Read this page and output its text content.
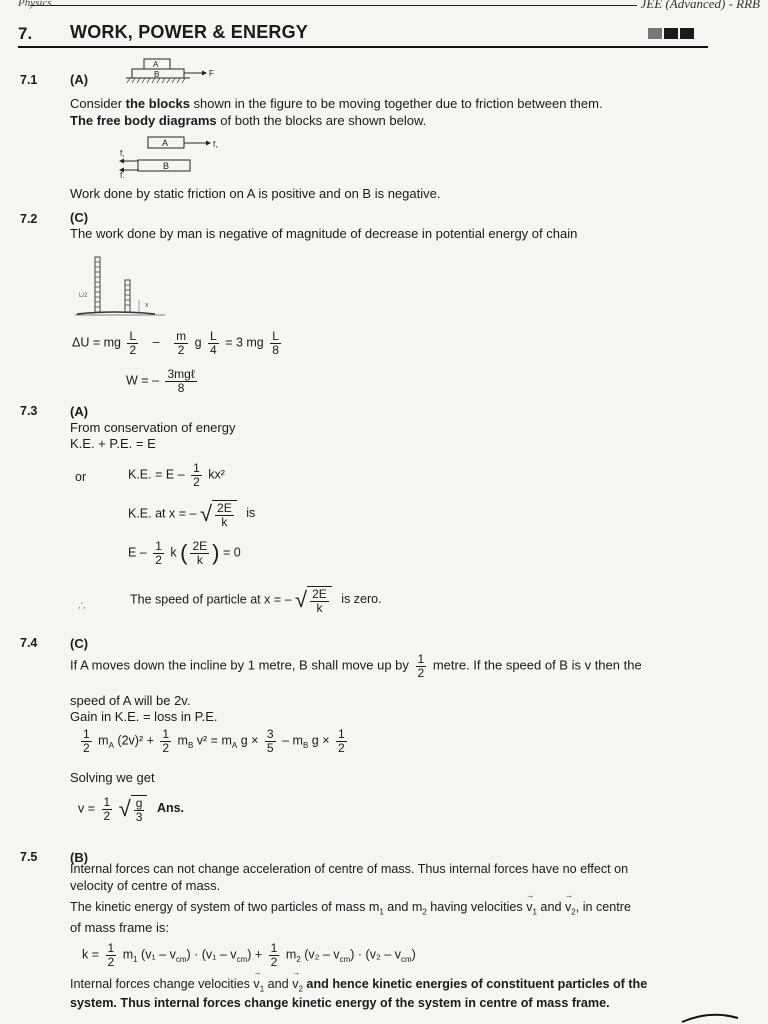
Physics	JEE (Advanced) - RRB
7. WORK, POWER & ENERGY
7.1	(A)
A
B	F
Consider the blocks shown in the figure to be moving together due to friction between them.
The free body diagrams of both the blocks are shown below.
A	f,
B
f,
f,
Work done by static friction on A is positive and on B is negative.
7.2	(C)
The work done by man is negative of magnitude of decrease in potential energy of chain
L/2
x
ΔU = mg $\frac{L}{2} - \frac{m}{2}$ g $\frac{L}{4} = 3$ mg $\frac{L}{8}$
W = – $\frac{\text{3mgℓ}}{8}$
7.3	(A)
From conservation of energy
K.E. + P.E. = E
or	K.E. = E – $\frac{1}{2} kx^2$
K.E. at x = – √ $\frac{2E}{k}$ is
E – $\frac{1}{2}$ k ( $\frac{2E}{k}$ ) = 0
∴	The speed of particle at x = – √ $\frac{2E}{k}$ is zero.
7.4	(C)
If A moves down the incline by 1 metre, B shall move up by $\frac{1}{2}$ metre. If the speed of B is v then the
speed of A will be 2v.
Gain in K.E. = loss in P.E.
$\frac{1}{2} m_A$ $(2v)^2 + \frac{1}{2} m_B$ $v^2 = m_A$ $g \times \frac{3}{5} - m_B$ $g \times \frac{1}{2}$
Solving we get
$v = \frac{1}{2}$ √ $\frac{g}{3}$ Ans.
7.5	(B)
Internal forces can not change acceleration of centre of mass. Thus internal forces have no effect on
velocity of centre of mass.
The kinetic energy of system of two particles of mass $m_1$ and $m_2$ having velocities → $v_1$ and → $v_2$, in centre
of mass frame is:
$k = \frac{1}{2} m_1$ $(v_1 - v_{cm}) \cdot (v_1 - v_{cm}) + \frac{1}{2} m_2$ $(v_2 - v_{cm}) \cdot (v_2 - v_{cm})$
Internal forces change velocities → $v_1$ and → $v_2$ and hence kinetic energies of constituent particles of the
system. Thus internal forces change kinetic energy of the system in centre of mass frame.
